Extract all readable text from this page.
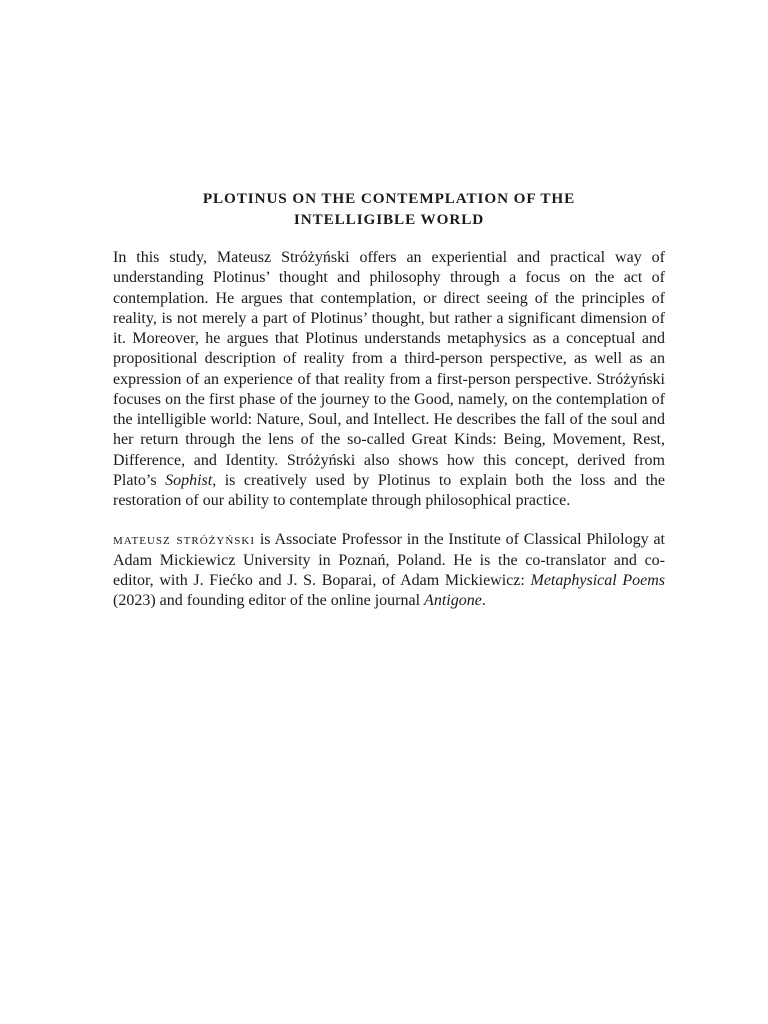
PLOTINUS ON THE CONTEMPLATION OF THE
INTELLIGIBLE WORLD

In this study, Mateusz Stróżyński offers an experiential and practical way of understanding Plotinus’ thought and philosophy through a focus on the act of contemplation. He argues that contemplation, or direct seeing of the principles of reality, is not merely a part of Plotinus’ thought, but rather a significant dimension of it. Moreover, he argues that Plotinus understands metaphysics as a conceptual and propositional description of reality from a third-person perspective, as well as an expression of an experience of that reality from a first-person perspective. Stróżyński focuses on the first phase of the journey to the Good, namely, on the contemplation of the intelligible world: Nature, Soul, and Intellect. He describes the fall of the soul and her return through the lens of the so-called Great Kinds: Being, Movement, Rest, Difference, and Identity. Stróżyński also shows how this concept, derived from Plato’s Sophist, is creatively used by Plotinus to explain both the loss and the restoration of our ability to contemplate through philosophical practice.

mateusz stróżyński is Associate Professor in the Institute of Classical Philology at Adam Mickiewicz University in Poznań, Poland. He is the co-translator and co-editor, with J. Fiećko and J. S. Boparai, of Adam Mickiewicz: Metaphysical Poems (2023) and founding editor of the online journal Antigone.
